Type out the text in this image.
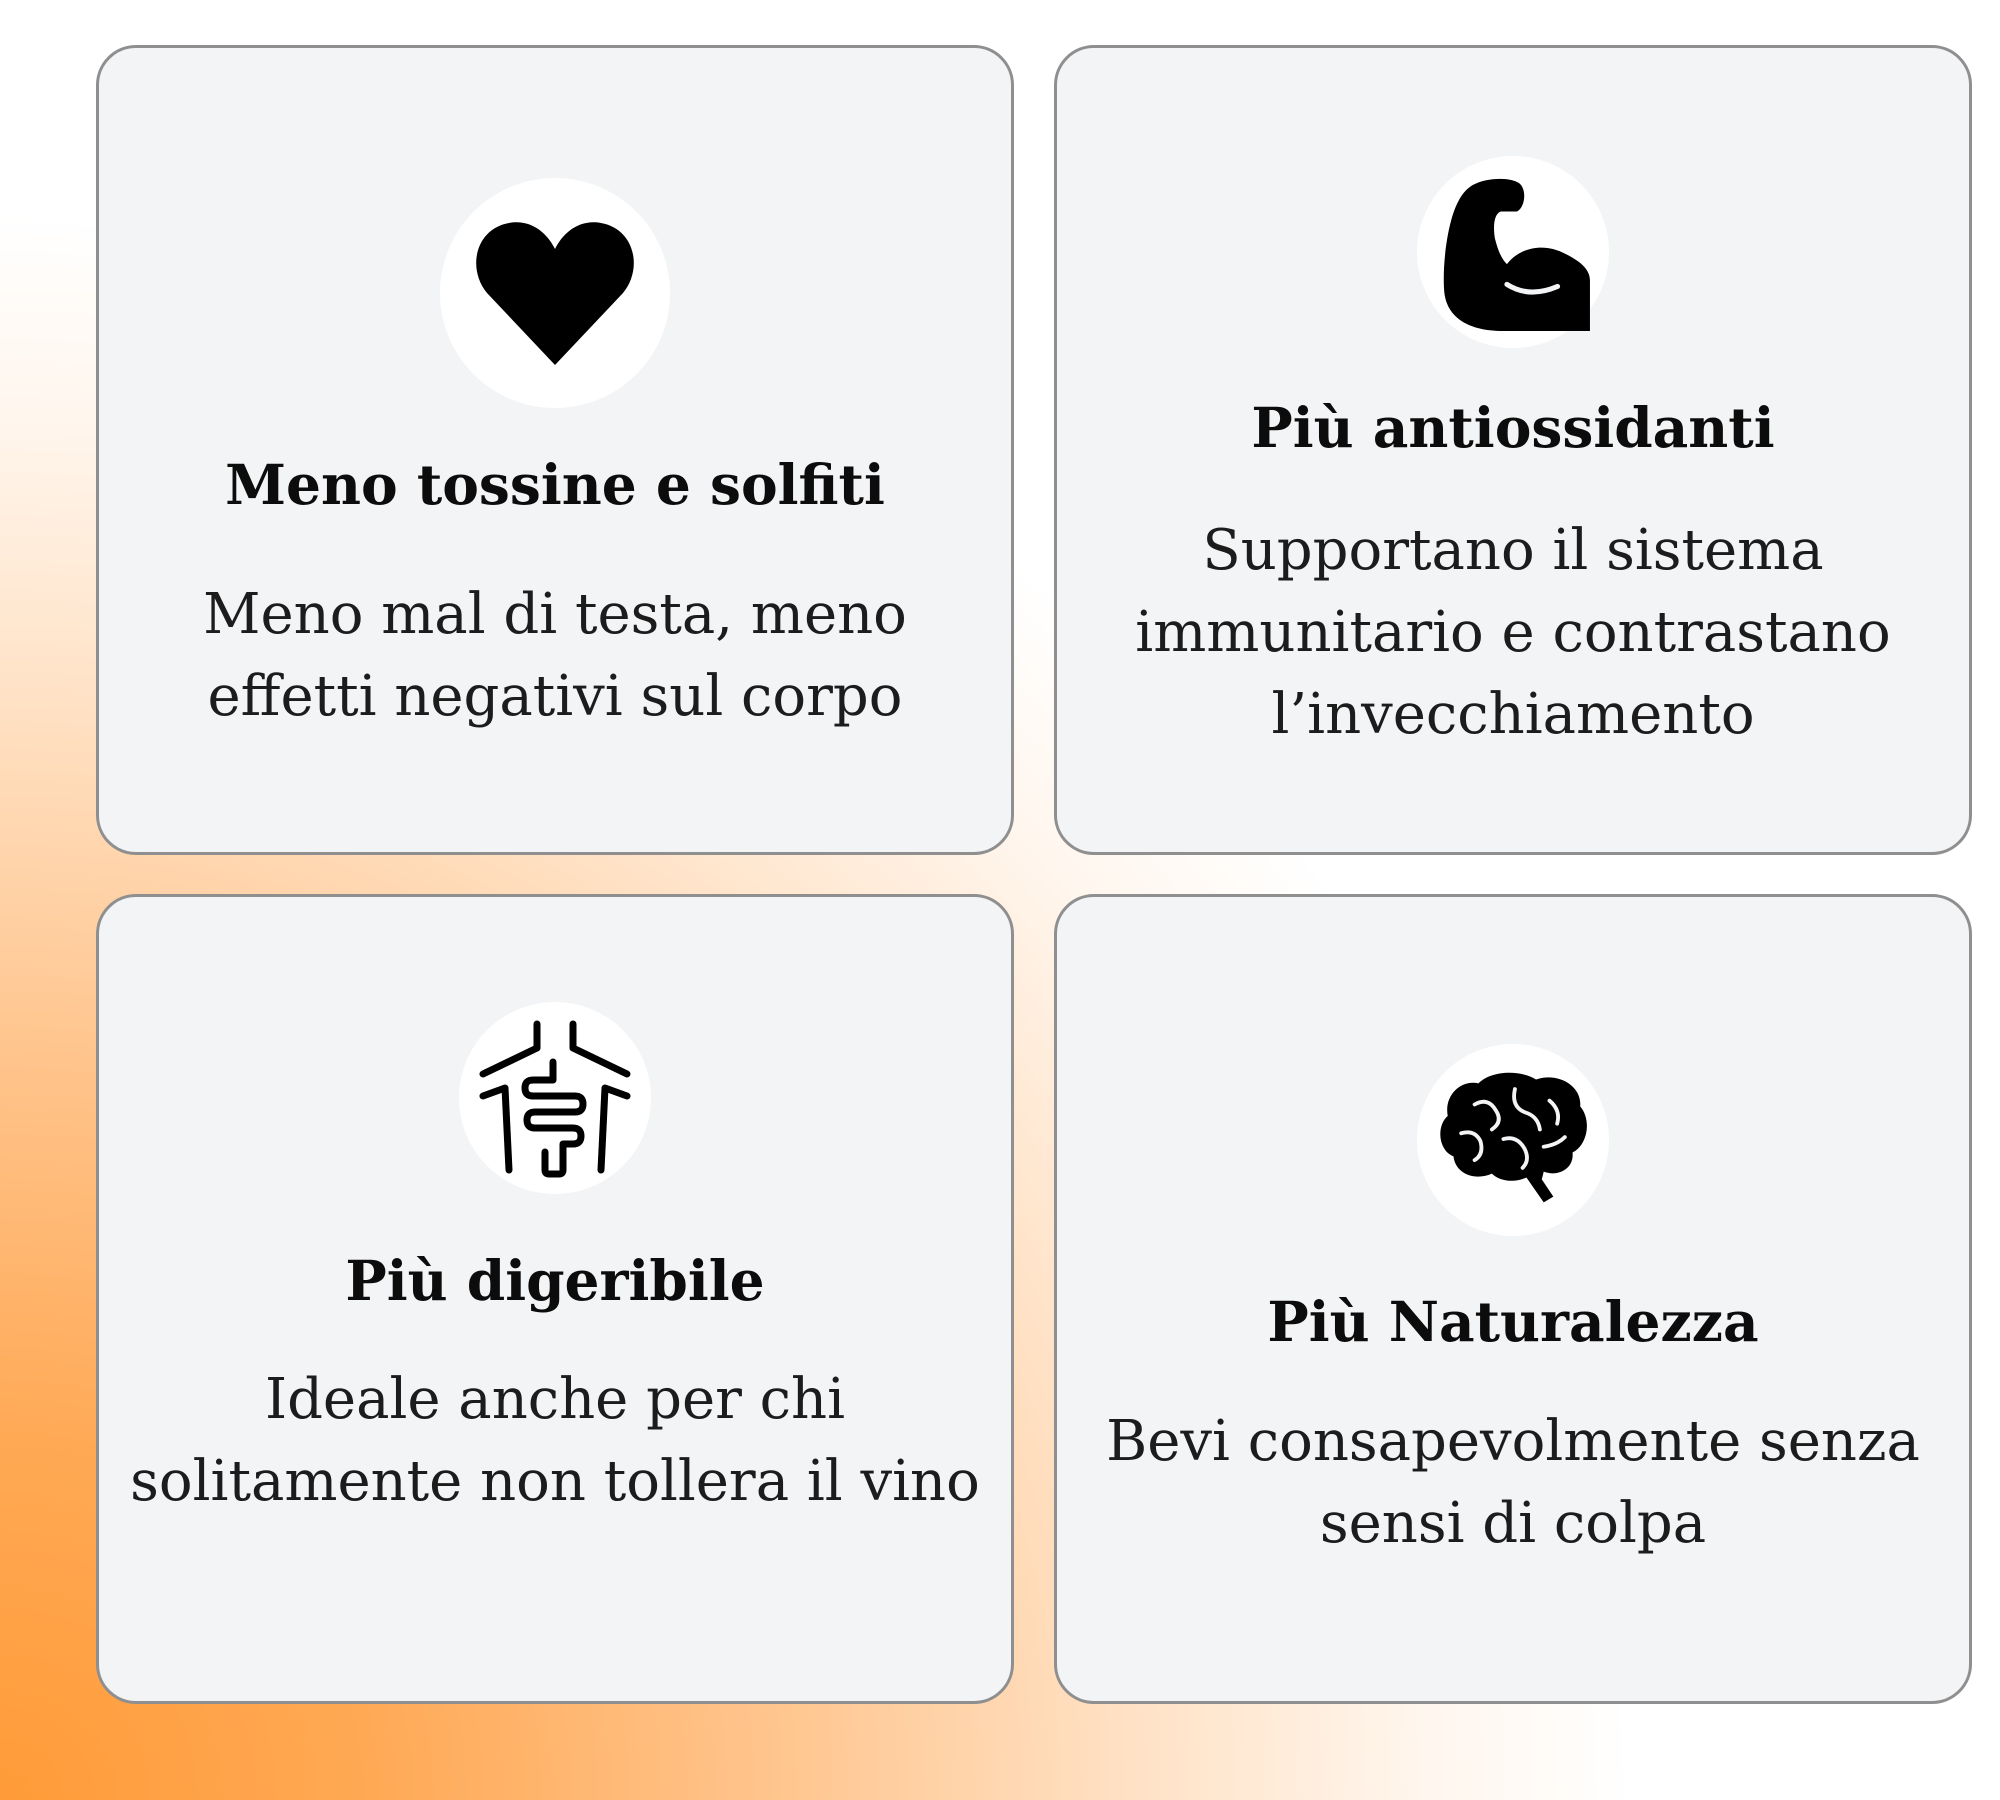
Meno tossine e solfiti

Meno mal di testa, meno effetti negativi sul corpo

Più antiossidanti

Supportano il sistema immunitario e contrastano l’invecchiamento

Più digeribile

Ideale anche per chi solitamente non tollera il vino

Più Naturalezza

Bevi consapevolmente senza sensi di colpa
